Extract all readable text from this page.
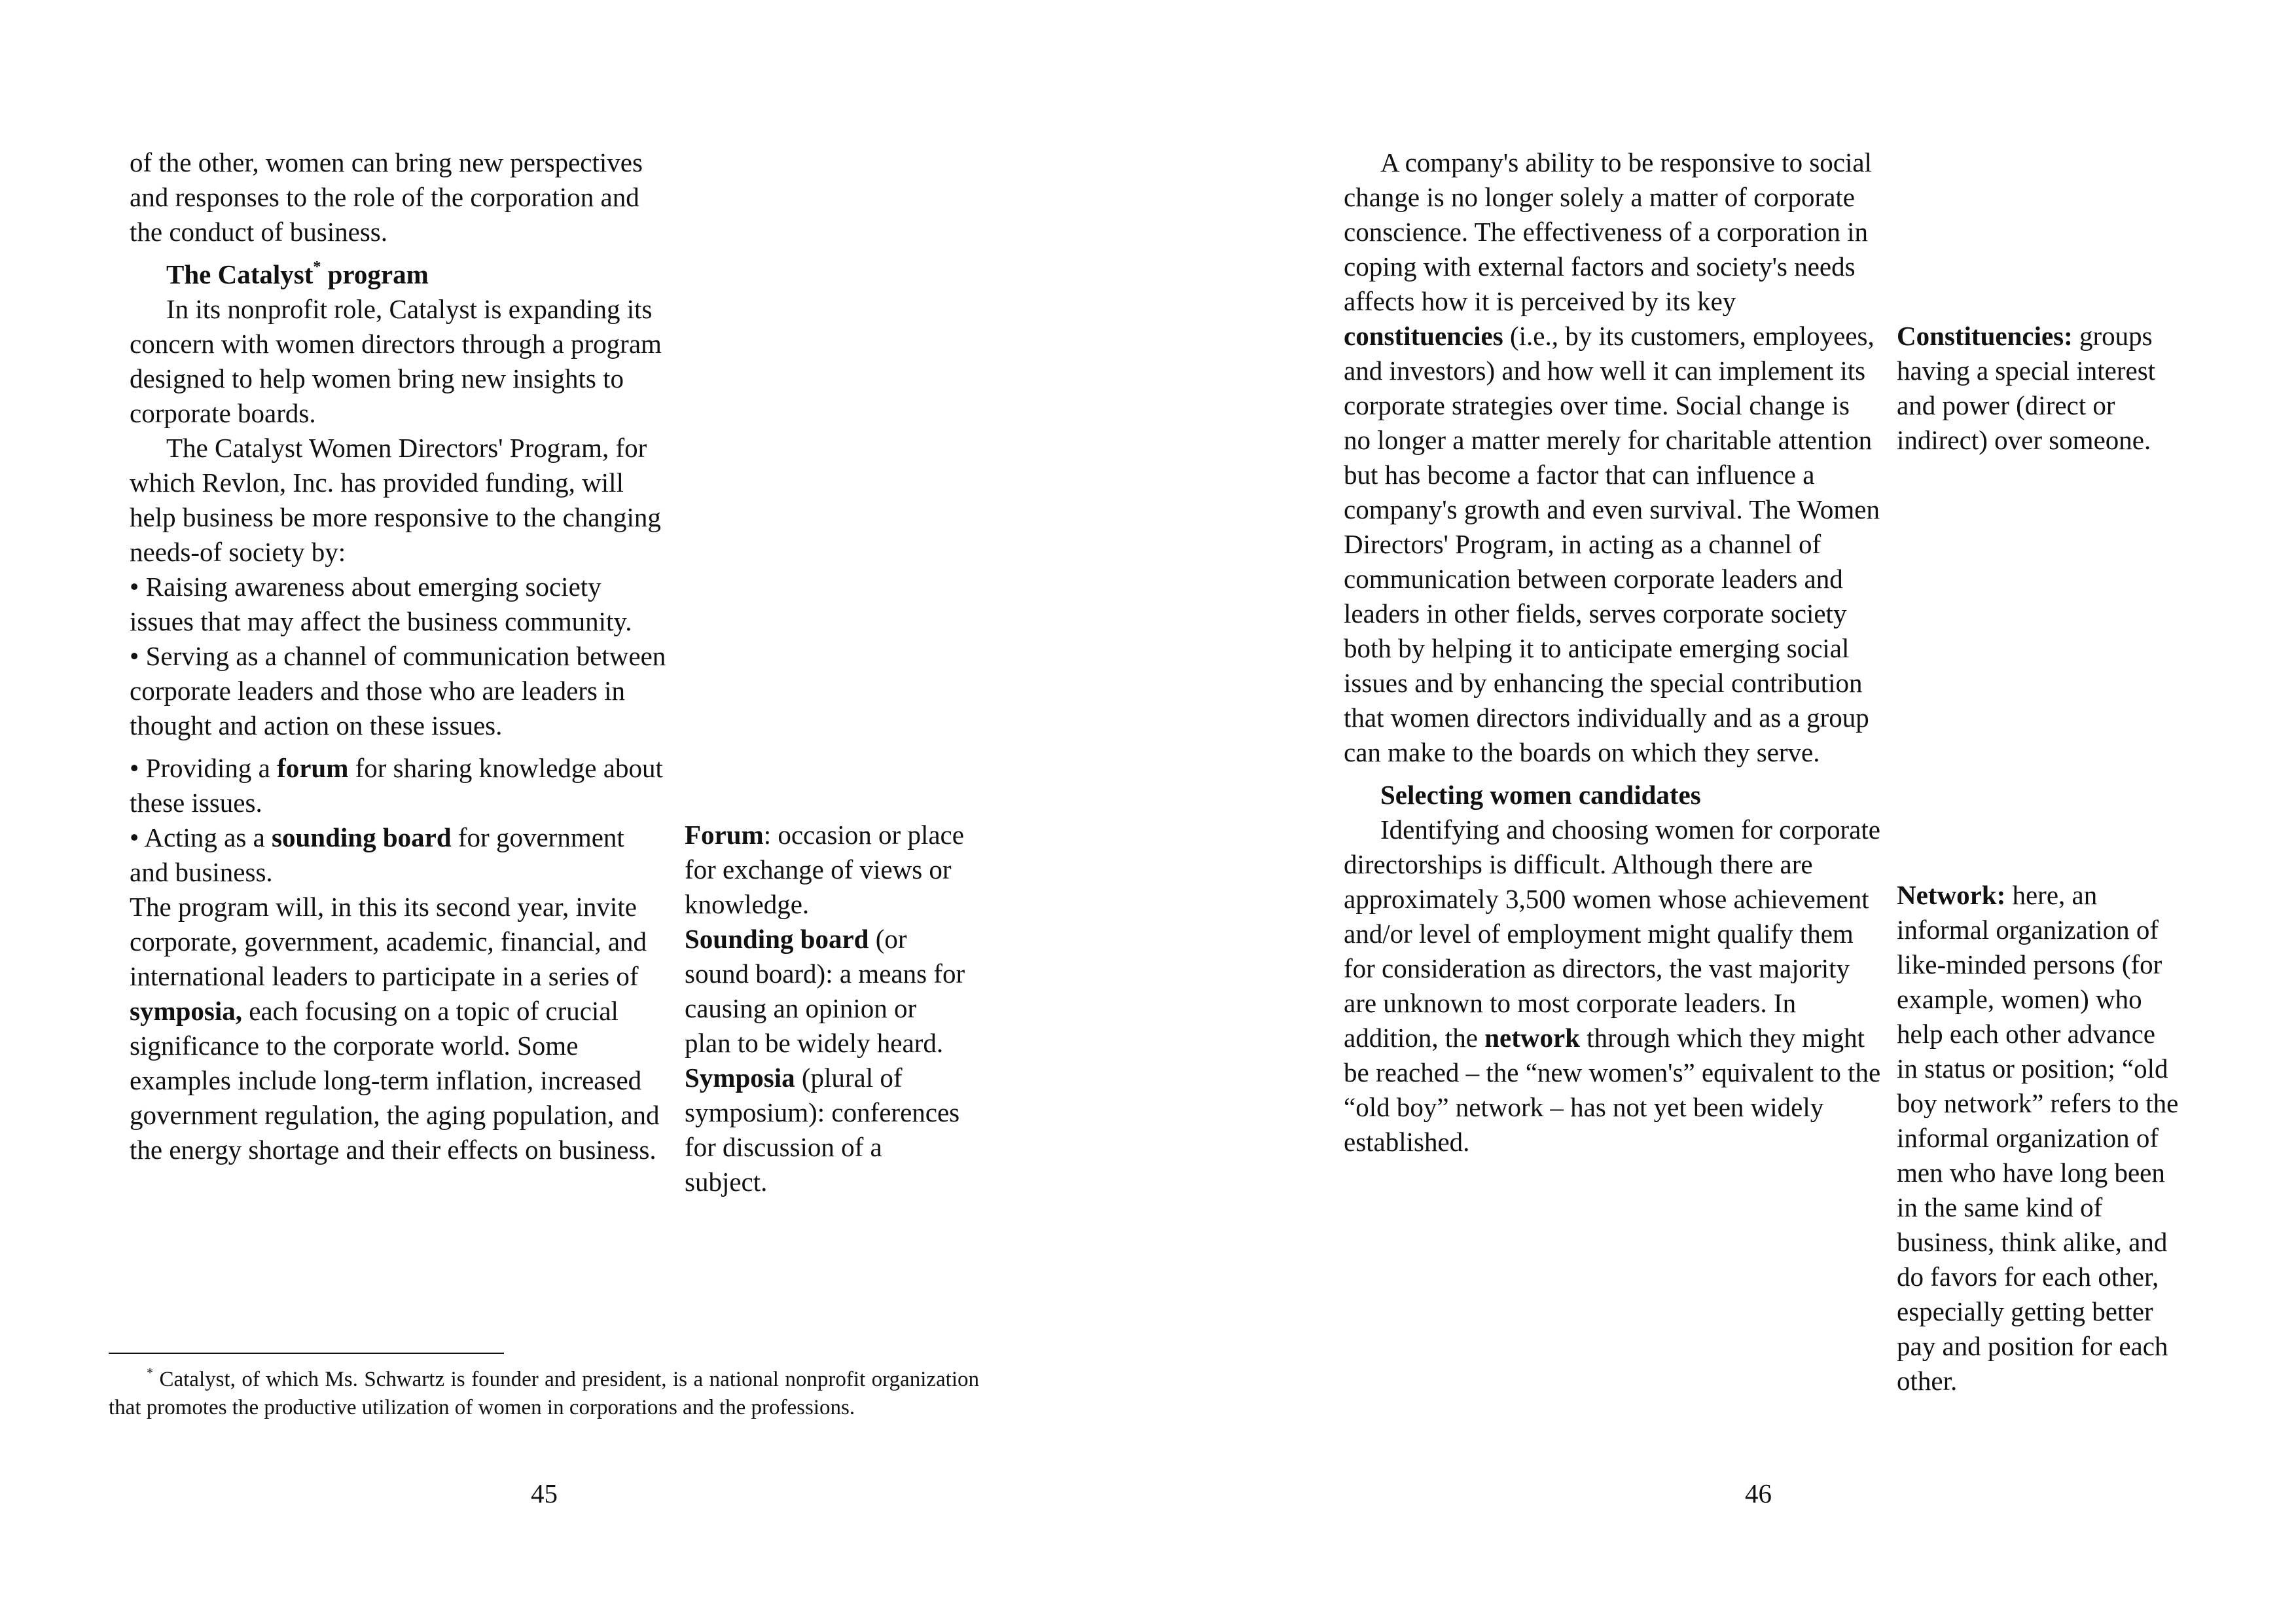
of the other, women can bring new perspectives and responses to the role of the corporation and the conduct of business.

The Catalyst* program

In its nonprofit role, Catalyst is expanding its concern with women directors through a program designed to help women bring new insights to corporate boards.

The Catalyst Women Directors' Program, for which Revlon, Inc. has provided funding, will help business be more responsive to the changing needs-of society by:

• Raising awareness about emerging society issues that may affect the business community.

• Serving as a channel of communication between corporate leaders and those who are leaders in thought and action on these issues.

• Providing a forum for sharing knowledge about these issues.

• Acting as a sounding board for government and business.

The program will, in this its second year, invite corporate, government, academic, financial, and international leaders to participate in a series of symposia, each focusing on a topic of crucial significance to the corporate world. Some examples include long-term inflation, increased government regulation, the aging population, and the energy shortage and their effects on business.

Forum: occasion or place for exchange of views or knowledge.

Sounding board (or sound board): a means for causing an opinion or plan to be widely heard.

Symposia (plural of symposium): conferences for discussion of a subject.

* Catalyst, of which Ms. Schwartz is founder and president, is a national nonprofit organization that promotes the productive utilization of women in corporations and the professions.
45

A company's ability to be responsive to social change is no longer solely a matter of corporate conscience. The effectiveness of a corporation in coping with external factors and society's needs affects how it is perceived by its key constituencies (i.e., by its customers, employees, and investors) and how well it can implement its corporate strategies over time. Social change is no longer a matter merely for charitable attention but has become a factor that can influence a company's growth and even survival. The Women Directors' Program, in acting as a channel of communication between corporate leaders and leaders in other fields, serves corporate society both by helping it to anticipate emerging social issues and by enhancing the special contribution that women directors individually and as a group can make to the boards on which they serve.

Selecting women candidates

Identifying and choosing women for corporate directorships is difficult. Although there are approximately 3,500 women whose achievement and/or level of employment might qualify them for consideration as directors, the vast majority are unknown to most corporate leaders. In addition, the network through which they might be reached – the “new women's” equivalent to the “old boy” network – has not yet been widely established.

Constituencies: groups having a special interest and power (direct or indirect) over someone.

Network: here, an informal organization of like-minded persons (for example, women) who help each other advance in status or position; “old boy network” refers to the informal organization of men who have long been in the same kind of business, think alike, and do favors for each other, especially getting better pay and position for each other.

46
